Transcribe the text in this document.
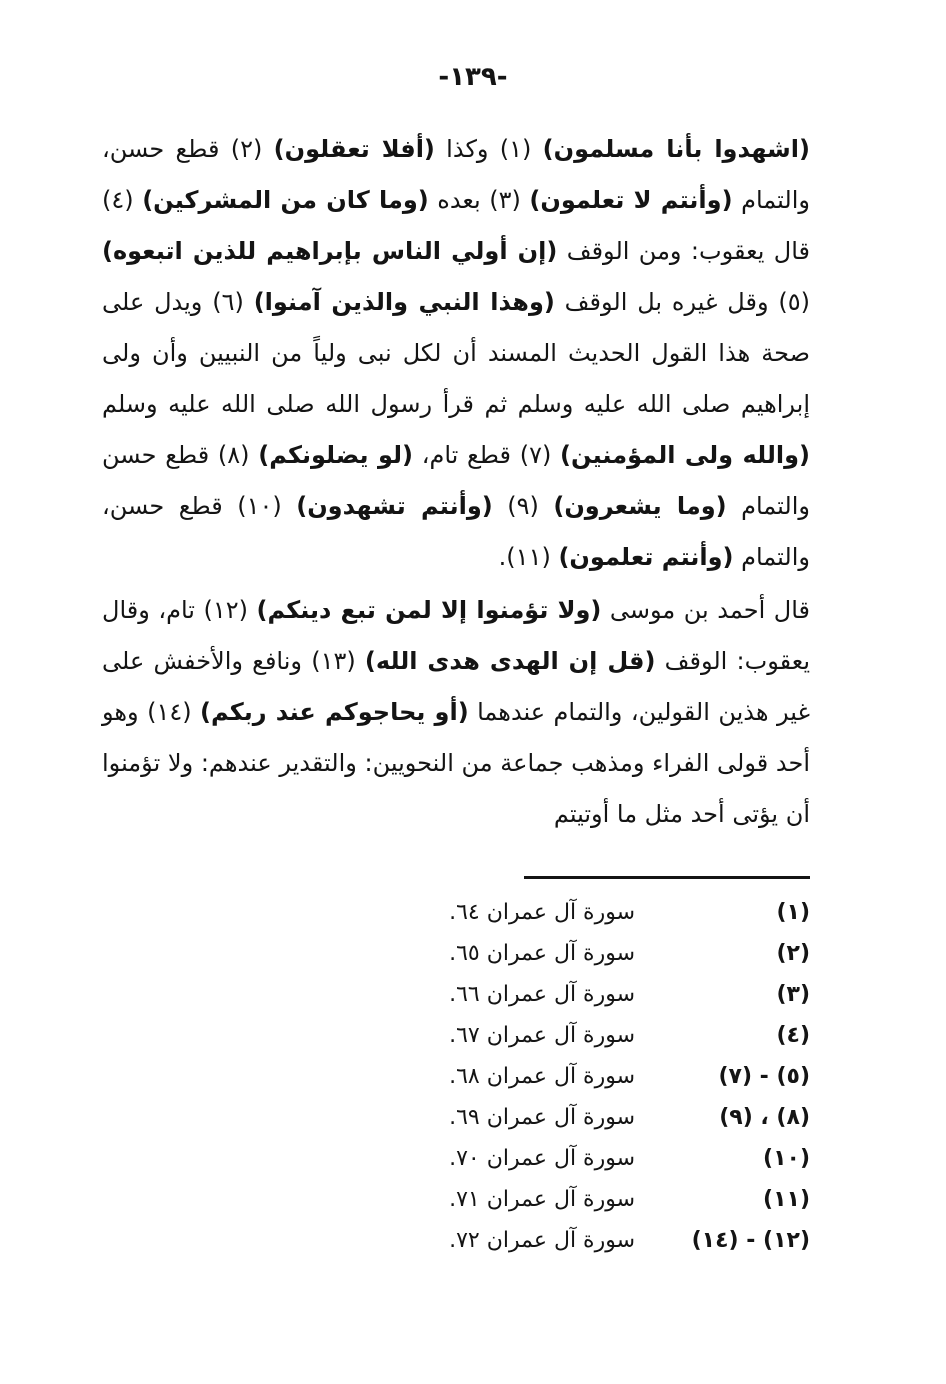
-١٣٩-

(اشهدوا بأنا مسلمون) (١) وكذا (أفلا تعقلون) (٢) قطع حسن، والتمام (وأنتم لا تعلمون) (٣) بعده (وما كان من المشركين) (٤) قال يعقوب: ومن الوقف (إن أولي الناس بإبراهيم للذين اتبعوه) (٥) وقل غيره بل الوقف (وهذا النبي والذين آمنوا) (٦) ويدل على صحة هذا القول الحديث المسند أن لكل نبى ولياً من النبيين وأن ولى إبراهيم صلى الله عليه وسلم ثم قرأ رسول الله صلى الله عليه وسلم (والله ولى المؤمنين) (٧) قطع تام، (لو يضلونكم) (٨) قطع حسن والتمام (وما يشعرون) (٩) (وأنتم تشهدون) (١٠) قطع حسن، والتمام (وأنتم تعلمون) (١١).

قال أحمد بن موسى (ولا تؤمنوا إلا لمن تبع دينكم) (١٢) تام، وقال يعقوب: الوقف (قل إن الهدى هدى الله) (١٣) ونافع والأخفش على غير هذين القولين، والتمام عندهما (أو يحاجوكم عند ربكم) (١٤) وهو أحد قولى الفراء ومذهب جماعة من النحويين: والتقدير عندهم: ولا تؤمنوا أن يؤتى أحد مثل ما أوتيتم

(١)
سورة آل عمران ٦٤.
(٢)
سورة آل عمران ٦٥.
(٣)
سورة آل عمران ٦٦.
(٤)
سورة آل عمران ٦٧.
(٥) - (٧)
سورة آل عمران ٦٨.
(٨) ، (٩)
سورة آل عمران ٦٩.
(١٠)
سورة آل عمران ٧٠.
(١١)
سورة آل عمران ٧١.
(١٢) - (١٤)
سورة آل عمران ٧٢.
